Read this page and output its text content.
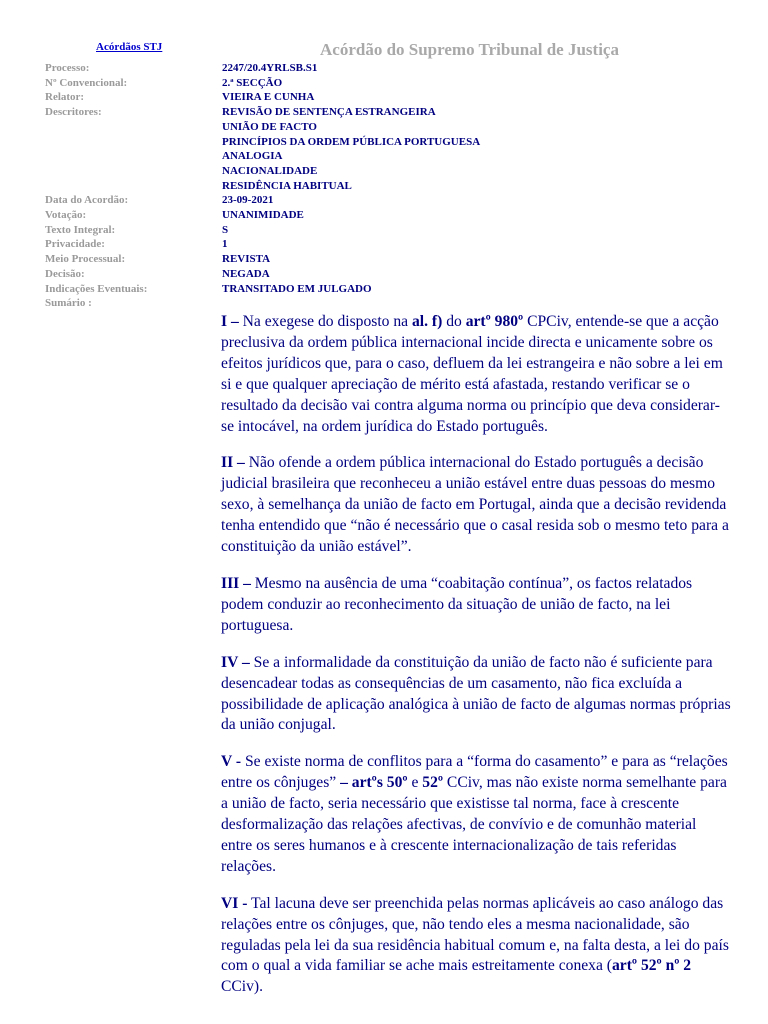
Acórdãos STJ	Acórdão do Supremo Tribunal de Justiça
Processo:	2247/20.4YRLSB.S1
Nº Convencional:	2.ª SECÇÃO
Relator:	VIEIRA E CUNHA
Descritores:	REVISÃO DE SENTENÇA ESTRANGEIRA
UNIÃO DE FACTO
PRINCÍPIOS DA ORDEM PÚBLICA PORTUGUESA
ANALOGIA
NACIONALIDADE
RESIDÊNCIA HABITUAL
Data do Acordão:	23-09-2021
Votação:	UNANIMIDADE
Texto Integral:	S
Privacidade:	1
Meio Processual:	REVISTA
Decisão:	NEGADA
Indicações Eventuais:	TRANSITADO EM JULGADO
Sumário :

I – Na exegese do disposto na al. f) do artº 980º CPCiv, entende-se que a acção preclusiva da ordem pública internacional incide directa e unicamente sobre os efeitos jurídicos que, para o caso, defluem da lei estrangeira e não sobre a lei em si e que qualquer apreciação de mérito está afastada, restando verificar se o resultado da decisão vai contra alguma norma ou princípio que deva considerar-se intocável, na ordem jurídica do Estado português.

II – Não ofende a ordem pública internacional do Estado português a decisão judicial brasileira que reconheceu a união estável entre duas pessoas do mesmo sexo, à semelhança da união de facto em Portugal, ainda que a decisão revidenda tenha entendido que “não é necessário que o casal resida sob o mesmo teto para a constituição da união estável”.

III – Mesmo na ausência de uma “coabitação contínua”, os factos relatados podem conduzir ao reconhecimento da situação de união de facto, na lei portuguesa.

IV – Se a informalidade da constituição da união de facto não é suficiente para desencadear todas as consequências de um casamento, não fica excluída a possibilidade de aplicação analógica à união de facto de algumas normas próprias da união conjugal.

V - Se existe norma de conflitos para a “forma do casamento” e para as “relações entre os cônjuges” – artºs 50º e 52º CCiv, mas não existe norma semelhante para a união de facto, seria necessário que existisse tal norma, face à crescente desformalização das relações afectivas, de convívio e de comunhão material entre os seres humanos e à crescente internacionalização de tais referidas relações.

VI - Tal lacuna deve ser preenchida pelas normas aplicáveis ao caso análogo das relações entre os cônjuges, que, não tendo eles a mesma nacionalidade, são reguladas pela lei da sua residência habitual comum e, na falta desta, a lei do país com o qual a vida familiar se ache mais estreitamente conexa (artº 52º nº 2 CCiv).
